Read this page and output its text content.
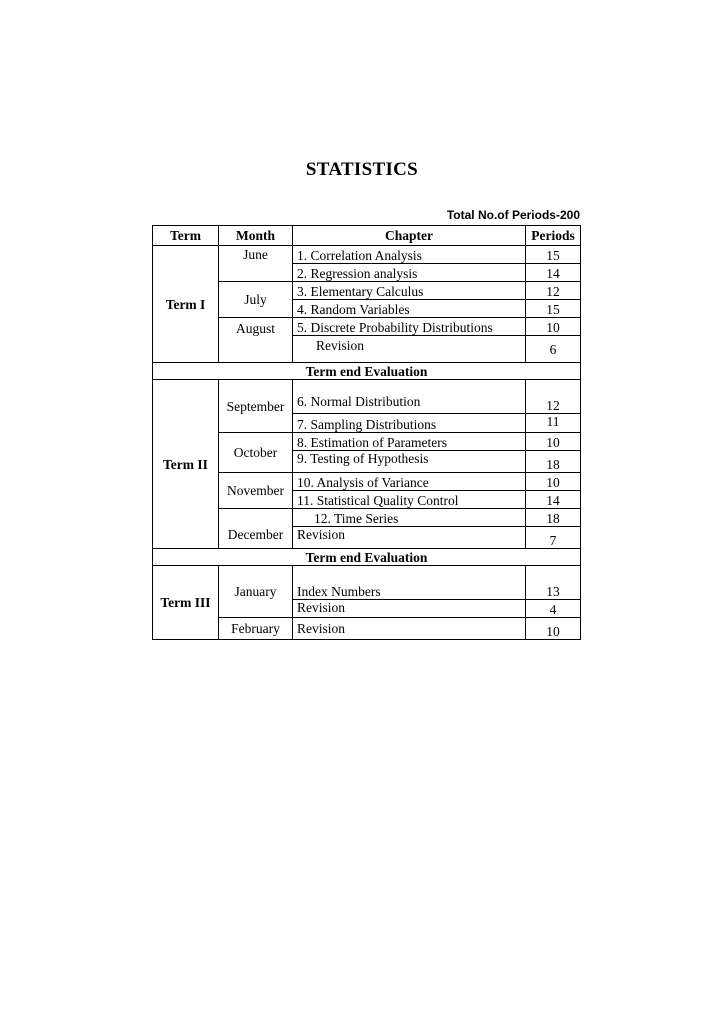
STATISTICS
Total No.of Periods-200
Term	Month	Chapter	Periods
Term I	June	1. Correlation Analysis	15
		2. Regression analysis	14
	July	3. Elementary Calculus	12
		4. Random Variables	15
	August	5. Discrete Probability Distributions	10
		Revision	6
Term end Evaluation			
Term II	September	6. Normal Distribution	12
		7. Sampling Distributions	11
	October	8. Estimation of Parameters	10
		9. Testing of Hypothesis	18
	November	10. Analysis of Variance	10
		11. Statistical Quality Control	14
	December	12. Time Series	18
		Revision	7
Term end Evaluation			
Term III	January	Index Numbers	13
		Revision	4
	February	Revision	10
